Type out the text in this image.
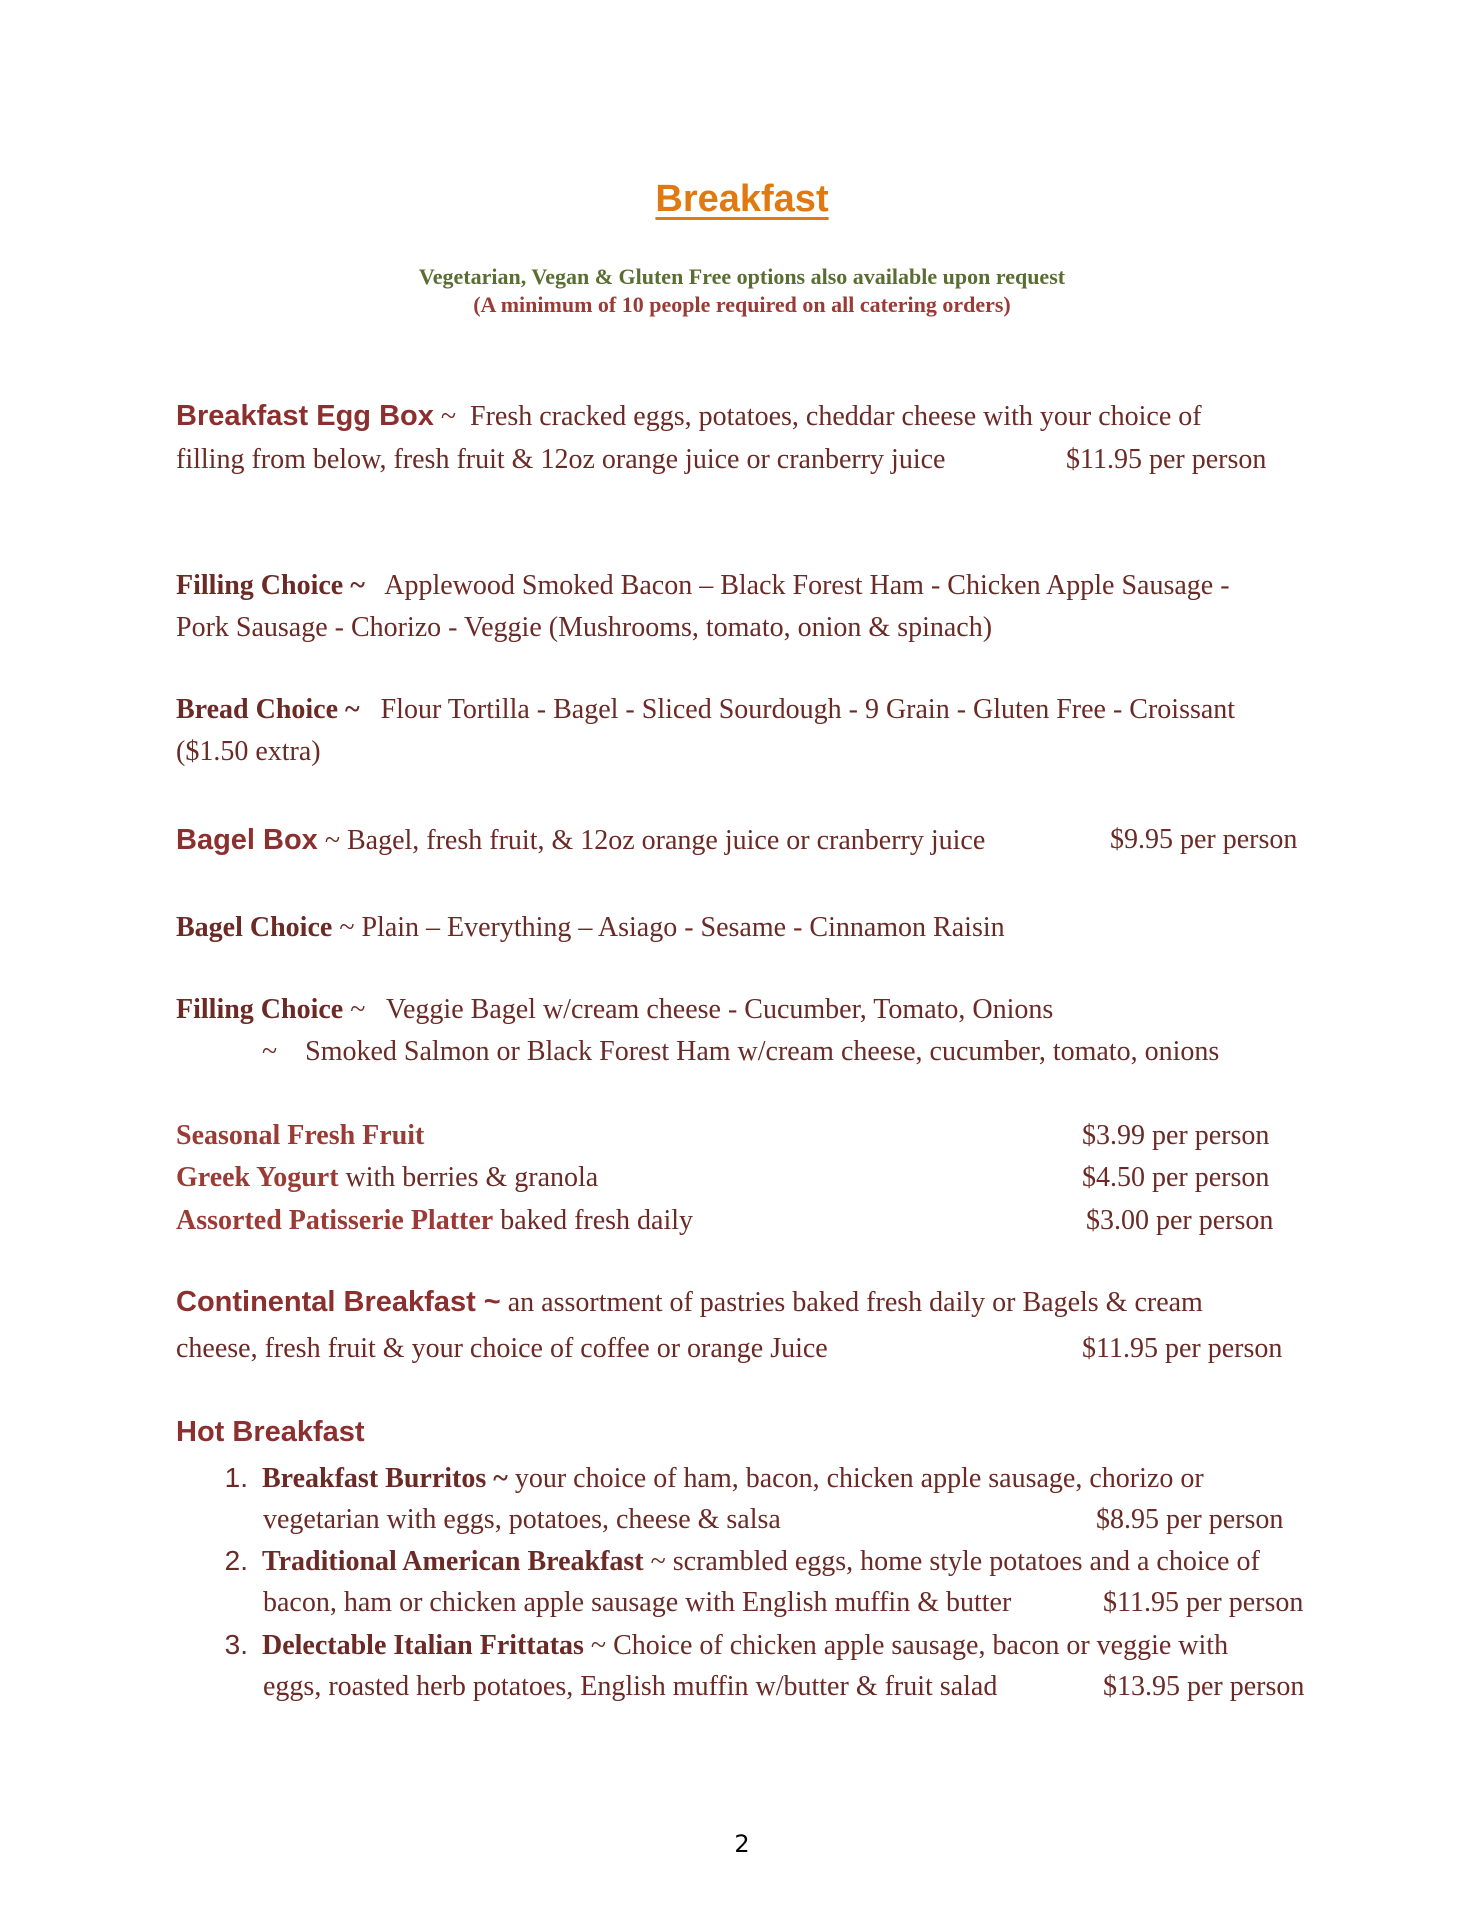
Breakfast
Vegetarian, Vegan & Gluten Free options also available upon request
(A minimum of 10 people required on all catering orders)
Breakfast Egg Box ~ Fresh cracked eggs, potatoes, cheddar cheese with your choice of
filling from below, fresh fruit & 12oz orange juice or cranberry juice	$11.95 per person
Filling Choice ~ Applewood Smoked Bacon – Black Forest Ham - Chicken Apple Sausage -
Pork Sausage - Chorizo - Veggie (Mushrooms, tomato, onion & spinach)
Bread Choice ~ Flour Tortilla - Bagel - Sliced Sourdough - 9 Grain - Gluten Free - Croissant
($1.50 extra)
Bagel Box ~ Bagel, fresh fruit, & 12oz orange juice or cranberry juice	$9.95 per person
Bagel Choice ~ Plain – Everything – Asiago - Sesame - Cinnamon Raisin
Filling Choice ~ Veggie Bagel w/cream cheese - Cucumber, Tomato, Onions
~ Smoked Salmon or Black Forest Ham w/cream cheese, cucumber, tomato, onions
Seasonal Fresh Fruit	$3.99 per person
Greek Yogurt with berries & granola	$4.50 per person
Assorted Patisserie Platter baked fresh daily	$3.00 per person
Continental Breakfast ~ an assortment of pastries baked fresh daily or Bagels & cream
cheese, fresh fruit & your choice of coffee or orange Juice	$11.95 per person
Hot Breakfast
1. Breakfast Burritos ~ your choice of ham, bacon, chicken apple sausage, chorizo or
vegetarian with eggs, potatoes, cheese & salsa	$8.95 per person
2. Traditional American Breakfast ~ scrambled eggs, home style potatoes and a choice of
bacon, ham or chicken apple sausage with English muffin & butter	$11.95 per person
3. Delectable Italian Frittatas ~ Choice of chicken apple sausage, bacon or veggie with
eggs, roasted herb potatoes, English muffin w/butter & fruit salad	$13.95 per person
2
